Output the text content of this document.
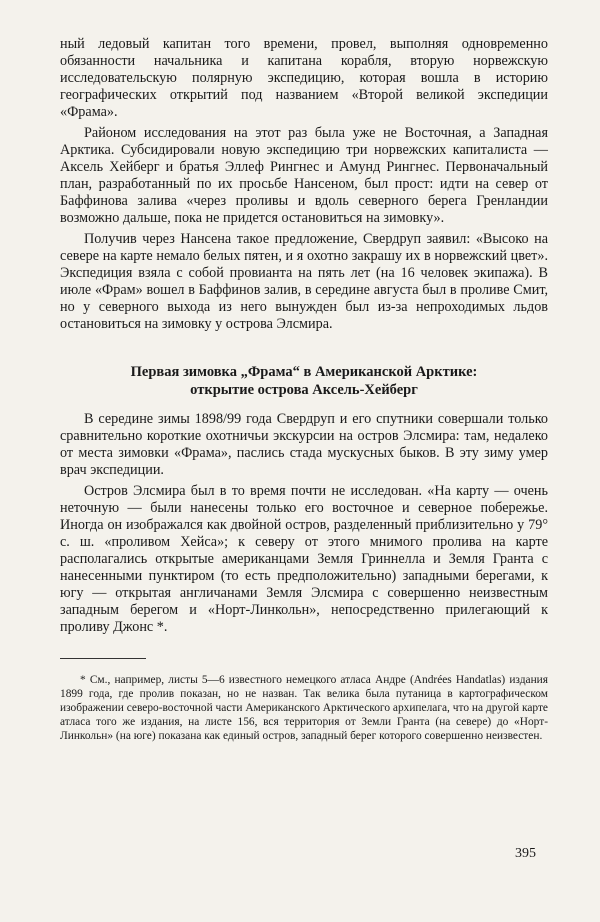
ный ледовый капитан того времени, провел, выполняя одновременно обязанности начальника и капитана корабля, вторую норвежскую исследовательскую полярную экспедицию, которая вошла в историю географических открытий под названием «Второй великой экспедиции «Фрама».

Районом исследования на этот раз была уже не Восточная, а Западная Арктика. Субсидировали новую экспедицию три норвежских капиталиста — Аксель Хейберг и братья Эллеф Рингнес и Амунд Рингнес. Первоначальный план, разработанный по их просьбе Нансеном, был прост: идти на север от Баффинова залива «через проливы и вдоль северного берега Гренландии возможно дальше, пока не придется остановиться на зимовку».

Получив через Нансена такое предложение, Свердруп заявил: «Высоко на севере на карте немало белых пятен, и я охотно закрашу их в норвежский цвет». Экспедиция взяла с собой провианта на пять лет (на 16 человек экипажа). В июле «Фрам» вошел в Баффинов залив, в середине августа был в проливе Смит, но у северного выхода из него вынужден был из-за непроходимых льдов остановиться на зимовку у острова Элсмира.

Первая зимовка „Фрама“ в Американской Арктике:
открытие острова Аксель-Хейберг

В середине зимы 1898/99 года Свердруп и его спутники совершали только сравнительно короткие охотничьи экскурсии на остров Элсмира: там, недалеко от места зимовки «Фрама», паслись стада мускусных быков. В эту зиму умер врач экспедиции.

Остров Элсмира был в то время почти не исследован. «На карту — очень неточную — были нанесены только его восточное и северное побережье. Иногда он изображался как двойной остров, разделенный приблизительно у 79° с. ш. «проливом Хейса»; к северу от этого мнимого пролива на карте располагались открытые американцами Земля Гриннелла и Земля Гранта с нанесенными пунктиром (то есть предположительно) западными берегами, к югу — открытая англичанами Земля Элсмира с совершенно неизвестным западным берегом и «Норт-Линкольн», непосредственно прилегающий к проливу Джонс *.

* См., например, листы 5—6 известного немецкого атласа Андре (Andrées Handatlas) издания 1899 года, где пролив показан, но не назван. Так велика была путаница в картографическом изображении северо-восточной части Американского Арктического архипелага, что на другой карте атласа того же издания, на листе 156, вся территория от Земли Гранта (на севере) до «Норт-Линкольн» (на юге) показана как единый остров, западный берег которого совершенно неизвестен.

395
